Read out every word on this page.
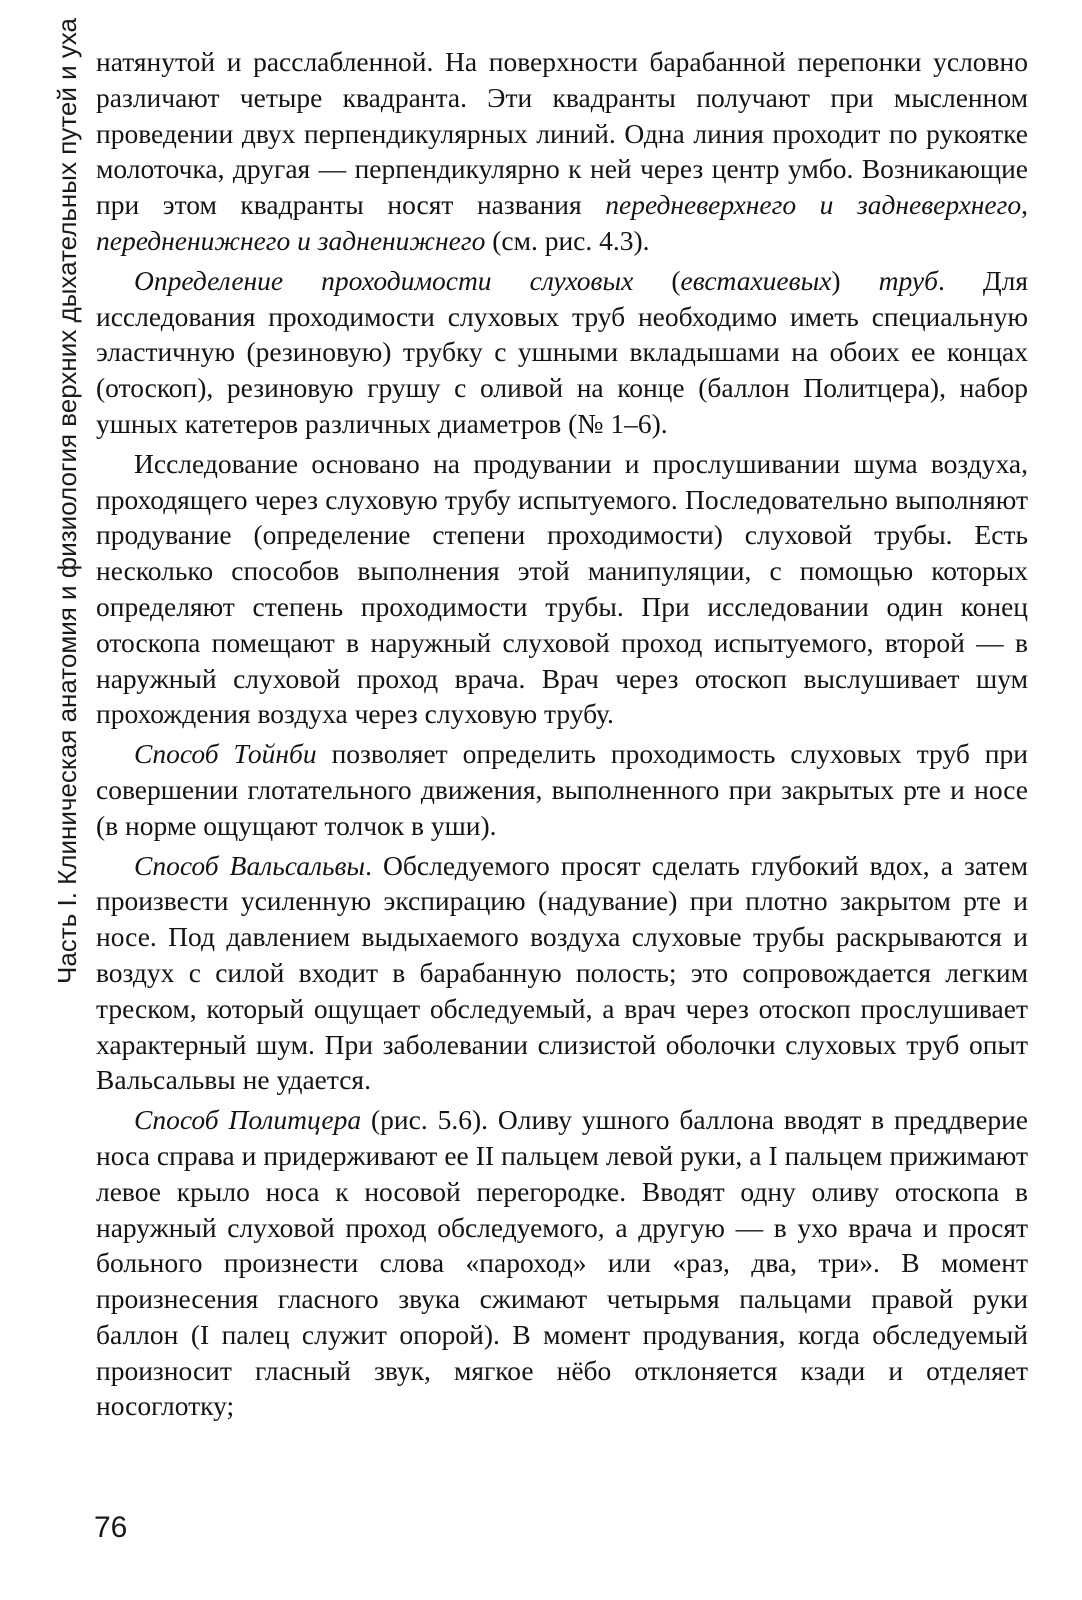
Часть I. Клиническая анатомия и физиология верхних дыхательных путей и уха натянутой и расслабленной. На поверхности барабанной перепонки условно различают четыре квадранта. Эти квадранты получают при мысленном проведении двух перпендикулярных линий. Одна линия проходит по рукоятке молоточка, другая — перпендикулярно к ней через центр умбо. Возникающие при этом квадранты носят названия передневерхнего и задневерхнего, передненижнего и задненижнего (см. рис. 4.3).

Определение проходимости слуховых (евстахиевых) труб. Для исследования проходимости слуховых труб необходимо иметь специальную эластичную (резиновую) трубку с ушными вкладышами на обоих ее концах (отоскоп), резиновую грушу с оливой на конце (баллон Политцера), набор ушных катетеров различных диаметров (№ 1–6).

Исследование основано на продувании и прослушивании шума воздуха, проходящего через слуховую трубу испытуемого. Последовательно выполняют продувание (определение степени проходимости) слуховой трубы. Есть несколько способов выполнения этой манипуляции, с помощью которых определяют степень проходимости трубы. При исследовании один конец отоскопа помещают в наружный слуховой проход испытуемого, второй — в наружный слуховой проход врача. Врач через отоскоп выслушивает шум прохождения воздуха через слуховую трубу.

Способ Тойнби позволяет определить проходимость слуховых труб при совершении глотательного движения, выполненного при закрытых рте и носе (в норме ощущают толчок в уши).

Способ Вальсальвы. Обследуемого просят сделать глубокий вдох, а затем произвести усиленную экспирацию (надувание) при плотно закрытом рте и носе. Под давлением выдыхаемого воздуха слуховые трубы раскрываются и воздух с силой входит в барабанную полость; это сопровождается легким треском, который ощущает обследуемый, а врач через отоскоп прослушивает характерный шум. При заболевании слизистой оболочки слуховых труб опыт Вальсальвы не удается.

Способ Политцера (рис. 5.6). Оливу ушного баллона вводят в преддверие носа справа и придерживают ее II пальцем левой руки, а I пальцем прижимают левое крыло носа к носовой перегородке. Вводят одну оливу отоскопа в наружный слуховой проход обследуемого, а другую — в ухо врача и просят больного произнести слова «пароход» или «раз, два, три». В момент произнесения гласного звука сжимают четырьмя пальцами правой руки баллон (I палец служит опорой). В момент продувания, когда обследуемый произносит гласный звук, мягкое нёбо отклоняется кзади и отделяет носоглотку;

76
